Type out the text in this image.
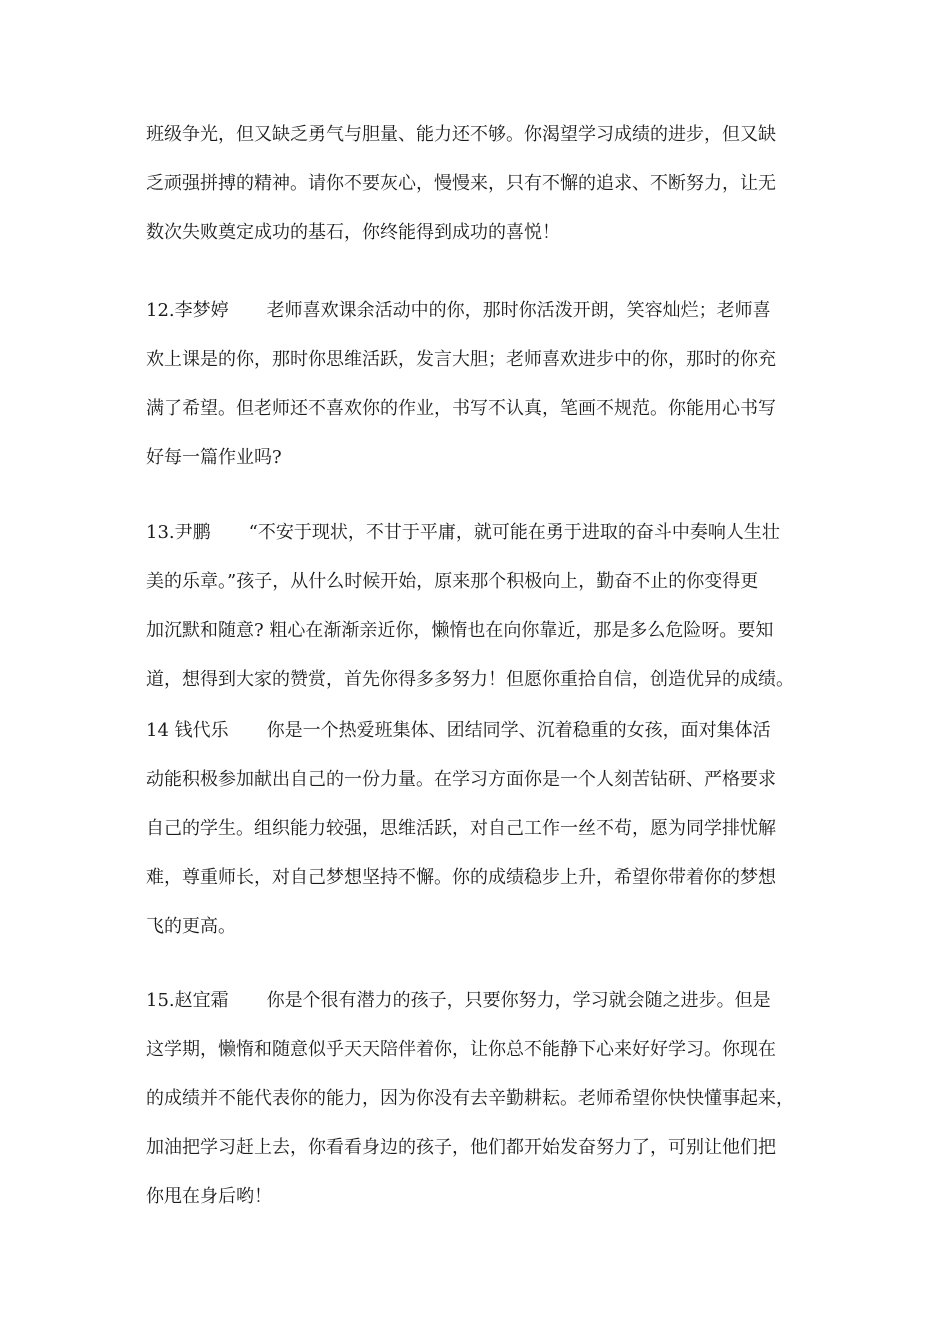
班级争光，但又缺乏勇气与胆量、能力还不够。你渴望学习成绩的进步，但又缺
乏顽强拼搏的精神。请你不要灰心，慢慢来，只有不懈的追求、不断努力，让无
数次失败奠定成功的基石，你终能得到成功的喜悦！
12.李梦婷 老师喜欢课余活动中的你，那时你活泼开朗，笑容灿烂；老师喜
欢上课是的你，那时你思维活跃，发言大胆；老师喜欢进步中的你，那时的你充
满了希望。但老师还不喜欢你的作业，书写不认真，笔画不规范。你能用心书写
好每一篇作业吗?
13.尹鹏 “不安于现状，不甘于平庸，就可能在勇于进取的奋斗中奏响人生壮
美的乐章。”孩子，从什么时候开始，原来那个积极向上，勤奋不止的你变得更
加沉默和随意? 粗心在渐渐亲近你，懒惰也在向你靠近，那是多么危险呀。要知
道，想得到大家的赞赏，首先你得多多努力！但愿你重拾自信，创造优异的成绩。
14 钱代乐 你是一个热爱班集体、团结同学、沉着稳重的女孩，面对集体活
动能积极参加献出自己的一份力量。在学习方面你是一个人刻苦钻研、严格要求
自己的学生。组织能力较强，思维活跃，对自己工作一丝不苟，愿为同学排忧解
难，尊重师长，对自己梦想坚持不懈。你的成绩稳步上升，希望你带着你的梦想
飞的更高。
15.赵宜霜 你是个很有潜力的孩子，只要你努力，学习就会随之进步。但是
这学期，懒惰和随意似乎天天陪伴着你，让你总不能静下心来好好学习。你现在
的成绩并不能代表你的能力，因为你没有去辛勤耕耘。老师希望你快快懂事起来，
加油把学习赶上去，你看看身边的孩子，他们都开始发奋努力了，可别让他们把
你甩在身后哟！
